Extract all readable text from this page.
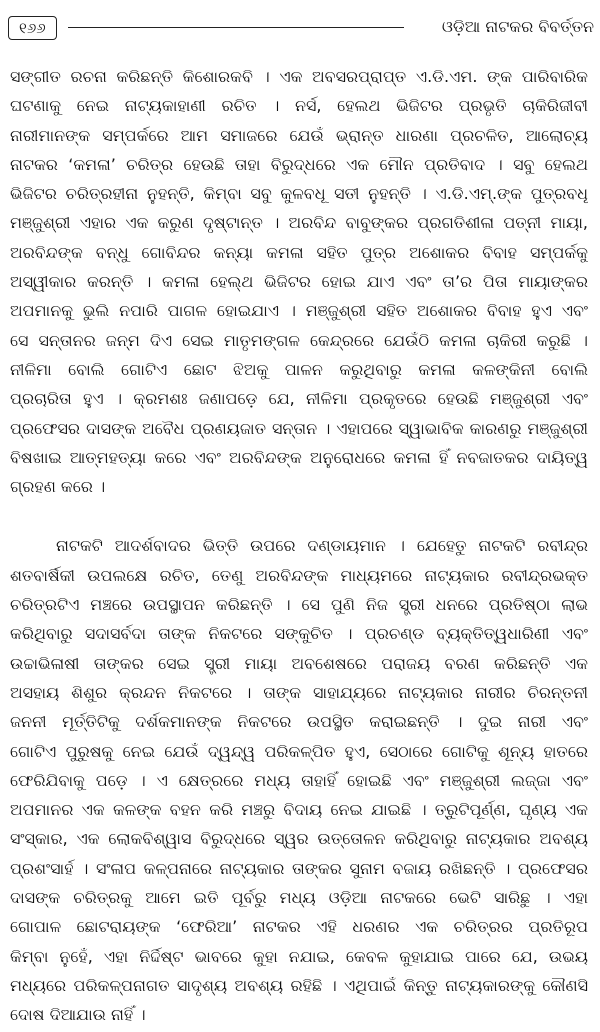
୧୬୬	ଓଡ଼ିଆ ନାଟକର ବିବର୍ତ୍ତନ
ସଙ୍ଗୀତ ରଚନା କରିଛନ୍ତି କିଶୋରକବି । ଏକ ଅବସରପ୍ରାପ୍ତ ଏ.ଡି.ଏମ. ଙ୍କ ପାରିବାରିକ
ଘଟଣାକୁ ନେଇ ନାଟ୍ୟକାହାଣୀ ରଚିତ । ନର୍ସ, ହେଲଥ ଭିଜିଟର ପ୍ରଭୃତି ଚାକିରିଜୀବୀ
ନାରୀମାନଙ୍କ ସମ୍ପର୍କରେ ଆମ ସମାଜରେ ଯେଉଁ ଭ୍ରାନ୍ତ ଧାରଣା ପ୍ରଚଳିତ, ଆଲୋଚ୍ୟ
ନାଟକର ‘କମଳା’ ଚରିତ୍ର ହେଉଛି ତାହା ବିରୁଦ୍ଧରେ ଏକ ମୌନ ପ୍ରତିବାଦ । ସବୁ ହେଲଥ
ଭିଜିଟର ଚରିତ୍ରହୀନା ନୁହନ୍ତି, କିମ୍ବା ସବୁ କୁଳବଧୂ ସତୀ ନୁହନ୍ତି । ଏ.ଡି.ଏମ୍.ଙ୍କ ପୁତ୍ରବଧୂ
ମଞ୍ଜୁଶ୍ରୀ ଏହାର ଏକ କରୁଣ ଦୃଷ୍ଟାନ୍ତ । ଅରବିନ୍ଦ ବାବୁଙ୍କର ପ୍ରଗତିଶୀଳା ପତ୍ନୀ ମାୟା,
ଅରବିନ୍ଦଙ୍କ ବନ୍ଧୁ ଗୋବିନ୍ଦର କନ୍ୟା କମଳା ସହିତ ପୁତ୍ର ଅଶୋକର ବିବାହ ସମ୍ପର୍କକୁ
ଅସ୍ୱୀକାର କରନ୍ତି । କମଳା ହେଲ୍‌ଥ ଭିଜିଟର ହୋଇ ଯାଏ ଏବଂ ତା’ର ପିତା ମାୟାଙ୍କର
ଅପମାନକୁ ଭୁଲି ନପାରି ପାଗଳ ହୋଇଯାଏ । ମଞ୍ଜୁଶ୍ରୀ ସହିତ ଅଶୋକର ବିବାହ ହୁଏ ଏବଂ
ସେ ସନ୍ତାନର ଜନ୍ମ ଦିଏ ସେଇ ମାତୃମଙ୍ଗଳ କେନ୍ଦ୍ରରେ ଯେଉଁଠି କମଳା ଚାକିରୀ କରୁଛି ।
ନୀଳିମା ବୋଲି ଗୋଟିଏ ଛୋଟ ଝିଅକୁ ପାଳନ କରୁଥିବାରୁ କମଳା କଳଙ୍କିନୀ ବୋଲି
ପ୍ରଚାରିତା ହୁଏ । କ୍ରମଶଃ ଜଣାପଡ଼େ ଯେ, ନୀଳିମା ପ୍ରକୃତରେ ହେଉଛି ମଞ୍ଜୁଶ୍ରୀ ଏବଂ
ପ୍ରଫେସର ଦାସଙ୍କ ଅବୈଧ ପ୍ରଣୟଜାତ ସନ୍ତାନ । ଏହାପରେ ସ୍ୱାଭାବିକ କାରଣରୁ ମଞ୍ଜୁଶ୍ରୀ
ବିଷଖାଇ ଆତ୍ମହତ୍ୟା କରେ ଏବଂ ଅରବିନ୍ଦଙ୍କ ଅନୁରୋଧରେ କମଳା ହିଁ ନବଜାତକର ଦାୟିତ୍ୱ
ଗ୍ରହଣ କରେ ।
ନାଟକଟି ଆଦର୍ଶବାଦର ଭିତ୍ତି ଉପରେ ଦଣ୍ଡାୟମାନ । ଯେହେତୁ ନାଟକଟି ରବୀନ୍ଦ୍ର
ଶତବାର୍ଷିକୀ ଉପଲକ୍ଷେ ରଚିତ, ତେଣୁ ଅରବିନ୍ଦଙ୍କ ମାଧ୍ୟମରେ ନାଟ୍ୟକାର ରବୀନ୍ଦ୍ରଭକ୍ତ
ଚରିତ୍ରଟିଏ ମଞ୍ଚରେ ଉପସ୍ଥାପନ କରିଛନ୍ତି । ସେ ପୁଣି ନିଜ ସ୍ତ୍ରୀ ଧନରେ ପ୍ରତିଷ୍ଠା ଲାଭ
କରିଥିବାରୁ ସଦାସର୍ବଦା ତାଙ୍କ ନିକଟରେ ସଙ୍କୁଚିତ । ପ୍ରଚଣ୍ଡ ବ୍ୟକ୍ତିତ୍ୱଧାରିଣୀ ଏବଂ
ଉଚ୍ଚାଭିଳାଷୀ ତାଙ୍କର ସେଇ ସ୍ତ୍ରୀ ମାୟା ଅବଶେଷରେ ପରାଜୟ ବରଣ କରିଛନ୍ତି ଏକ
ଅସହାୟ ଶିଶୁର କ୍ରନ୍ଦନ ନିକଟରେ । ତାଙ୍କ ସାହାଯ୍ୟରେ ନାଟ୍ୟକାର ନାରୀର ଚିରନ୍ତନୀ
ଜନନୀ ମୂର୍ତ୍ତିଟିକୁ ଦର୍ଶକମାନଙ୍କ ନିକଟରେ ଉପସ୍ଥିତ କରାଇଛନ୍ତି । ଦୁଇ ନାରୀ ଏବଂ
ଗୋଟିଏ ପୁରୁଷକୁ ନେଇ ଯେଉଁ ଦ୍ୱନ୍ଦ୍ୱ ପରିକଳ୍ପିତ ହୁଏ, ସେଠାରେ ଗୋଟିକୁ ଶୂନ୍ୟ ହାତରେ
ଫେରିଯିବାକୁ ପଡ଼େ । ଏ କ୍ଷେତ୍ରରେ ମଧ୍ୟ ତାହାହିଁ ହୋଇଛି ଏବଂ ମଞ୍ଜୁଶ୍ରୀ ଲଜ୍ଜା ଏବଂ
ଅପମାନର ଏକ କଳଙ୍କ ବହନ କରି ମଞ୍ଚରୁ ବିଦାୟ ନେଇ ଯାଇଛି । ତ୍ରୁଟିପୂର୍ଣ୍ଣ, ଘୃଣ୍ୟ ଏକ
ସଂସ୍କାର, ଏକ ଲୋକବିଶ୍ୱାସ ବିରୁଦ୍ଧରେ ସ୍ୱର ଉତ୍ତୋଳନ କରିଥିବାରୁ ନାଟ୍ୟକାର ଅବଶ୍ୟ
ପ୍ରଶଂସାର୍ହ । ସଂଳାପ କଳ୍ପନାରେ ନାଟ୍ୟକାର ତାଙ୍କର ସୁନାମ ବଜାୟ ରଖିଛନ୍ତି । ପ୍ରଫେସର
ଦାସଙ୍କ ଚରିତ୍ରକୁ ଆମେ ଇତି ପୂର୍ବରୁ ମଧ୍ୟ ଓଡ଼ିଆ ନାଟକରେ ଭେଟି ସାରିଛୁ । ଏହା
ଗୋପାଳ ଛୋଟରାୟଙ୍କ ‘ଫେରିଆ’ ନାଟକର ଏହି ଧରଣର ଏକ ଚରିତ୍ରର ପ୍ରତିରୂପ
କିମ୍ବା ନୁହେଁ, ଏହା ନିର୍ଦ୍ଦିଷ୍ଟ ଭାବରେ କୁହା ନଯାଇ, କେବଳ କୁହାଯାଇ ପାରେ ଯେ, ଉଭୟ
ମଧ୍ୟରେ ପରିକଳ୍ପନାଗତ ସାଦୃଶ୍ୟ ଅବଶ୍ୟ ରହିଛି । ଏଥିପାଇଁ କିନ୍ତୁ ନାଟ୍ୟକାରଙ୍କୁ କୌଣସି
ଦୋଷ ଦିଆଯାଉ ନାହିଁ ।
